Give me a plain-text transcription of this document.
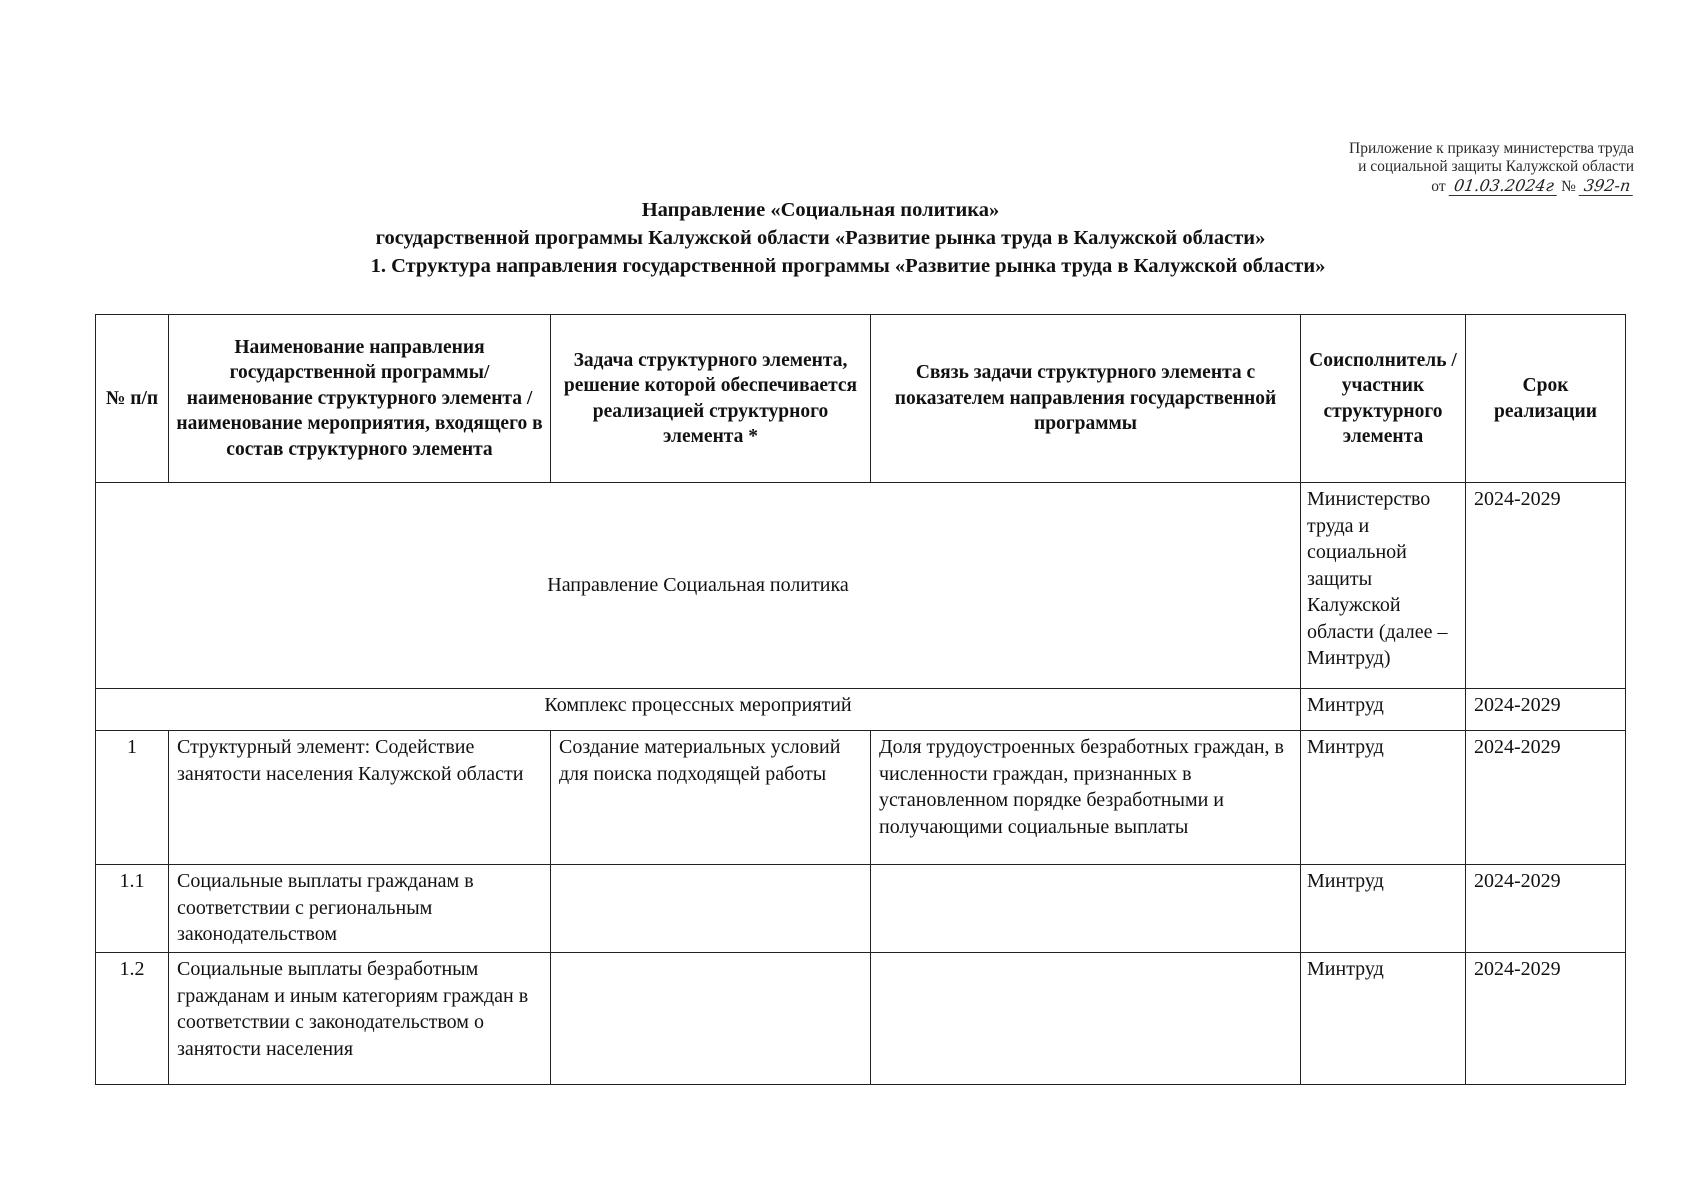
Приложение к приказу министерства труда
и социальной защиты Калужской области
от 01.03.2024г № 392-п
Направление «Социальная политика»
государственной программы Калужской области «Развитие рынка труда в Калужской области»
1. Структура направления государственной программы «Развитие рынка труда в Калужской области»
№ п/п	Наименование направления государственной программы/ наименование структурного элемента / наименование мероприятия, входящего в состав структурного элемента	Задача структурного элемента, решение которой обеспечивается реализацией структурного элемента *	Связь задачи структурного элемента с показателем направления государственной программы	Соисполнитель / участник структурного элемента	Срок реализации
Направление Социальная политика				Министерство труда и социальной защиты Калужской области (далее – Минтруд)	2024-2029
Комплекс процессных мероприятий				Минтруд	2024-2029
1	Структурный элемент: Содействие занятости населения Калужской области	Создание материальных условий для поиска подходящей работы	Доля трудоустроенных безработных граждан, в численности граждан, признанных в установленном порядке безработными и получающими социальные выплаты	Минтруд	2024-2029
1.1	Социальные выплаты гражданам в соответствии с региональным законодательством			Минтруд	2024-2029
1.2	Социальные выплаты безработным гражданам и иным категориям граждан в соответствии с законодательством о занятости населения			Минтруд	2024-2029
